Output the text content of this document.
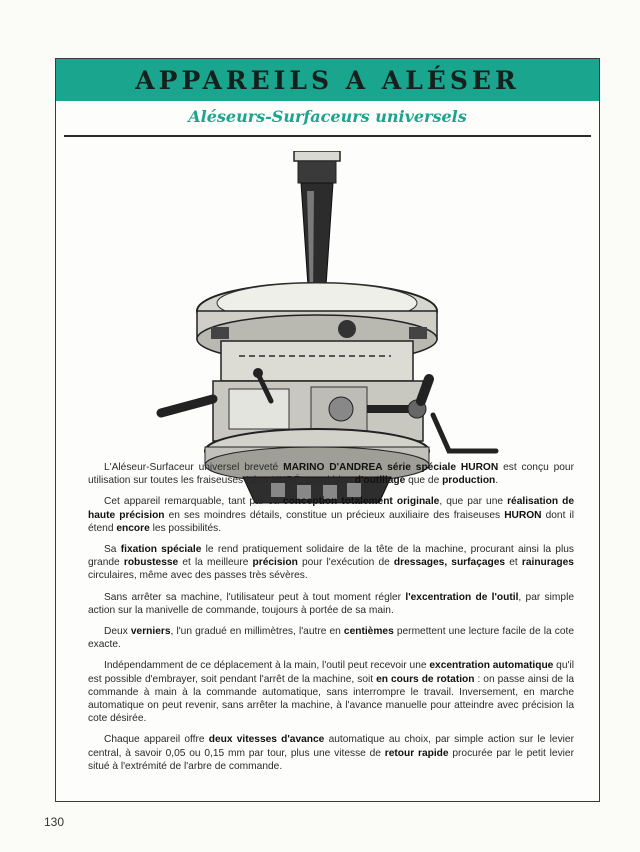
APPAREILS A ALÉSER
Aléseurs-Surfaceurs universels

L'Aléseur-Surfaceur universel breveté MARINO D'ANDREA série spéciale HURON est conçu pour utilisation sur toutes les fraiseuses Léon HURÉ, aussi bien d'outillage que de production.

Cet appareil remarquable, tant par sa conception totalement originale, que par une réalisation de haute précision en ses moindres détails, constitue un précieux auxiliaire des fraiseuses HURON dont il étend encore les possibilités.

Sa fixation spéciale le rend pratiquement solidaire de la tête de la machine, procurant ainsi la plus grande robustesse et la meilleure précision pour l'exécution de dressages, surfaçages et rainurages circulaires, même avec des passes très sévères.

Sans arrêter sa machine, l'utilisateur peut à tout moment régler l'excentration de l'outil, par simple action sur la manivelle de commande, toujours à portée de sa main.

Deux verniers, l'un gradué en millimètres, l'autre en centièmes permettent une lecture facile de la cote exacte.

Indépendamment de ce déplacement à la main, l'outil peut recevoir une excentration automatique qu'il est possible d'embrayer, soit pendant l'arrêt de la machine, soit en cours de rotation : on passe ainsi de la commande à main à la commande automatique, sans interrompre le travail. Inversement, en marche automatique on peut revenir, sans arrêter la machine, à l'avance manuelle pour atteindre avec précision la cote désirée.

Chaque appareil offre deux vitesses d'avance automatique au choix, par simple action sur le levier central, à savoir 0,05 ou 0,15 mm par tour, plus une vitesse de retour rapide procurée par le petit levier situé à l'extrémité de l'arbre de commande.

130
